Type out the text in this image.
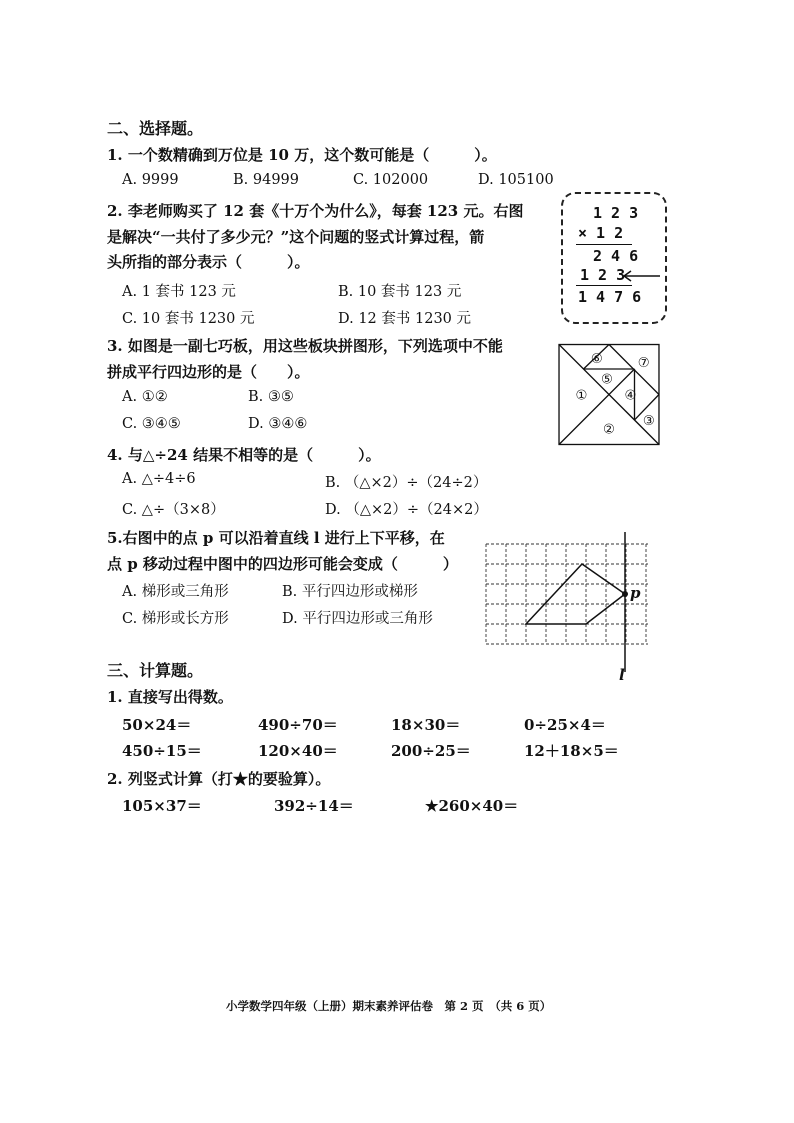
二、选择题。
1. 一个数精确到万位是 10 万，这个数可能是（　　　）。
A. 9999	B. 94999	C. 102000	D. 105100
2. 李老师购买了 12 套《十万个为什么》，每套 123 元。右图
是解决“一共付了多少元？”这个问题的竖式计算过程，箭
头所指的部分表示（　　　）。
A. 1 套书 123 元	B. 10 套书 123 元
C. 10 套书 1230 元	D. 12 套书 1230 元
1 2 3
× 1 2
2 4 6
1 2 3
1 4 7 6
3. 如图是一副七巧板，用这些板块拼图形，下列选项中不能
拼成平行四边形的是（　　）。
A. ①②	B. ③⑤
C. ③④⑤	D. ③④⑥
①
②
③
④
⑤
⑥	⑦
4. 与△÷24 结果不相等的是（　　　）。
A. △÷4÷6	B. （△×2）÷（24÷2）
C. △÷（3×8）	D. （△×2）÷（24×2）
5.右图中的点 p 可以沿着直线 l 进行上下平移，在
点 p 移动过程中图中的四边形可能会变成（　　　）
A. 梯形或三角形	B. 平行四边形或梯形
C. 梯形或长方形	D. 平行四边形或三角形
p
l
三、计算题。
1. 直接写出得数。
50×24＝	490÷70＝	18×30＝	0÷25×4＝
450÷15＝	120×40＝	200÷25＝	12＋18×5＝
2. 列竖式计算（打★的要验算）。
105×37＝	392÷14＝	★260×40＝
小学数学四年级（上册）期末素养评估卷　第 2 页　（共 6 页）
